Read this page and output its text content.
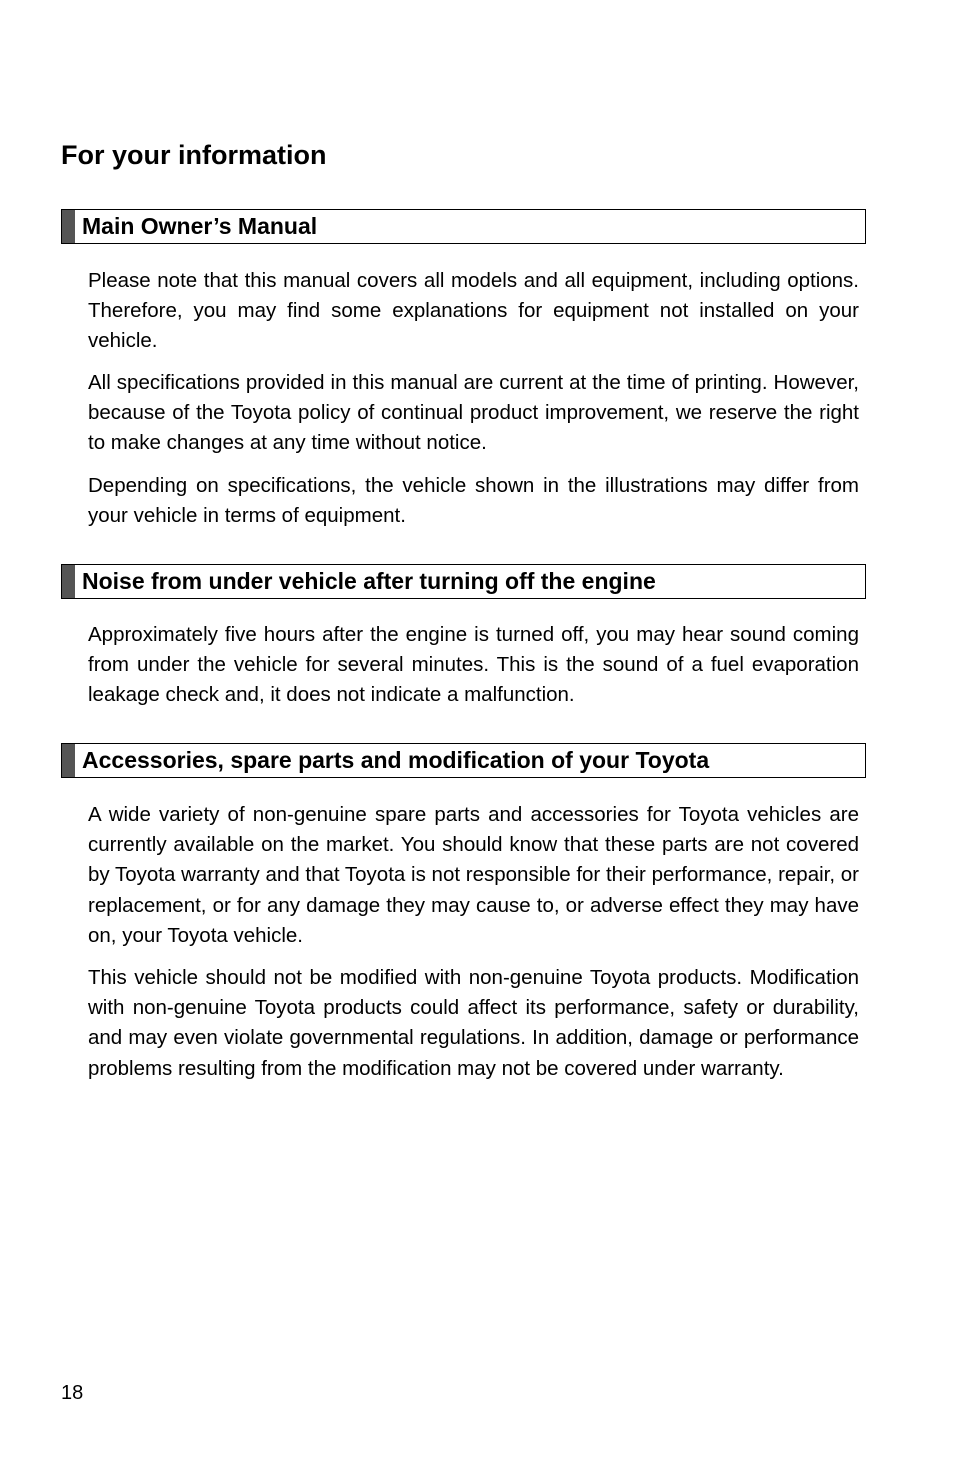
For your information
Main Owner’s Manual

Please note that this manual covers all models and all equipment, including options. Therefore, you may find some explanations for equipment not installed on your vehicle.

All specifications provided in this manual are current at the time of printing. However, because of the Toyota policy of continual product improvement, we reserve the right to make changes at any time without notice.

Depending on specifications, the vehicle shown in the illustrations may differ from your vehicle in terms of equipment.

Noise from under vehicle after turning off the engine

Approximately five hours after the engine is turned off, you may hear sound coming from under the vehicle for several minutes. This is the sound of a fuel evaporation leakage check and, it does not indicate a malfunction.

Accessories, spare parts and modification of your Toyota

A wide variety of non-genuine spare parts and accessories for Toyota vehicles are currently available on the market. You should know that these parts are not covered by Toyota warranty and that Toyota is not responsible for their performance, repair, or replacement, or for any damage they may cause to, or adverse effect they may have on, your Toyota vehicle.

This vehicle should not be modified with non-genuine Toyota products. Modification with non-genuine Toyota products could affect its performance, safety or durability, and may even violate governmental regulations. In addition, damage or performance problems resulting from the modification may not be covered under warranty.

18
